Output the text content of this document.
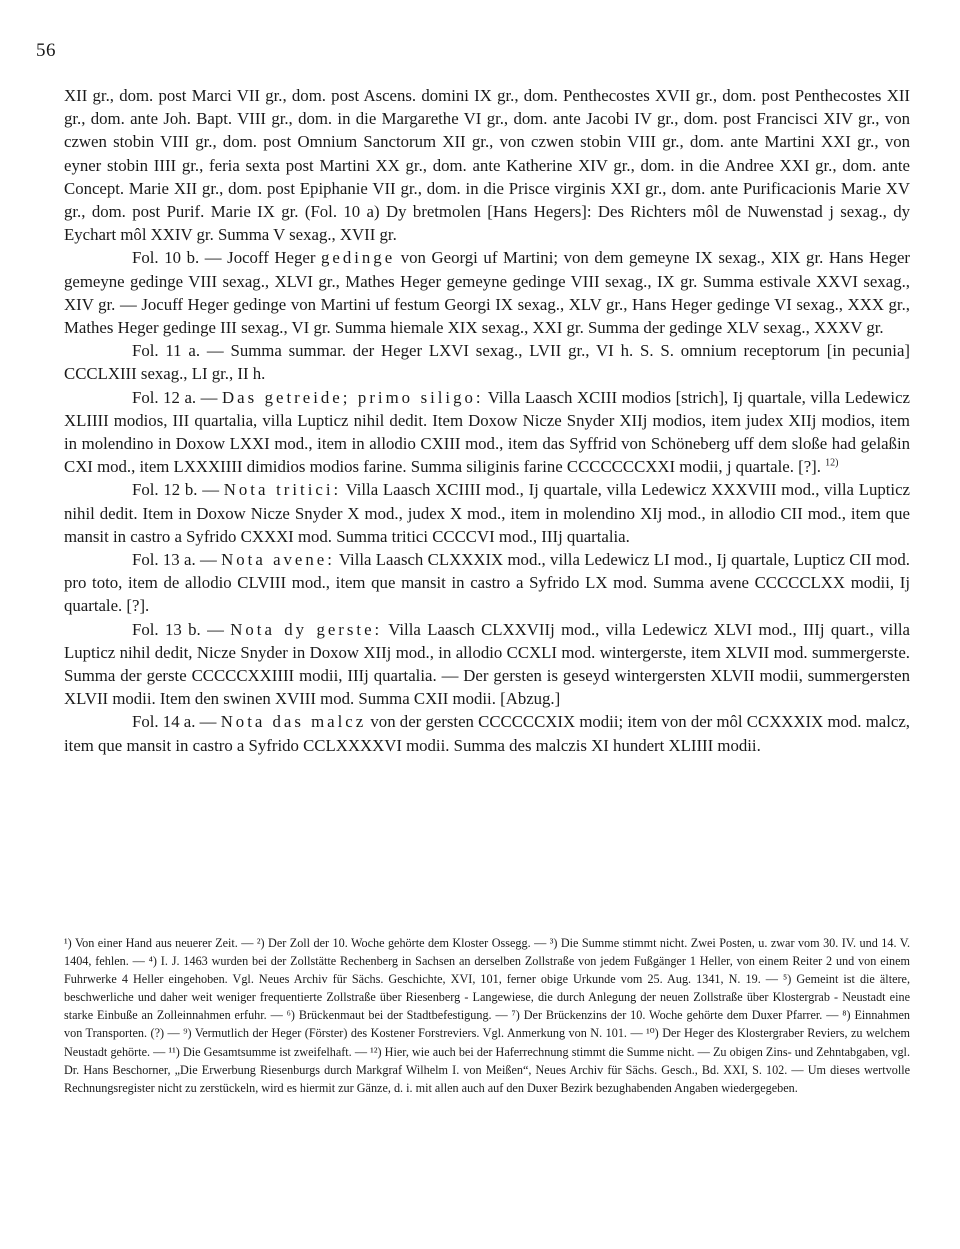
56

XII gr., dom. post Marci VII gr., dom. post Ascens. domini IX gr., dom. Penthecostes XVII gr., dom. post Penthecostes XII gr., dom. ante Joh. Bapt. VIII gr., dom. in die Margarethe VI gr., dom. ante Jacobi IV gr., dom. post Francisci XIV gr., von czwen stobin VIII gr., dom. post Omnium Sanctorum XII gr., von czwen stobin VIII gr., dom. ante Martini XXI gr., von eyner stobin IIII gr., feria sexta post Martini XX gr., dom. ante Katherine XIV gr., dom. in die Andree XXI gr., dom. ante Concept. Marie XII gr., dom. post Epiphanie VII gr., dom. in die Prisce virginis XXI gr., dom. ante Purificacionis Marie XV gr., dom. post Purif. Marie IX gr. (Fol. 10 a) Dy bretmolen [Hans Hegers]: Des Richters môl de Nuwenstad j sexag., dy Eychart môl XXIV gr. Summa V sexag., XVII gr.

Fol. 10 b. — Jocoff Heger gedinge von Georgi uf Martini; von dem gemeyne IX sexag., XIX gr. Hans Heger gemeyne gedinge VIII sexag., XLVI gr., Mathes Heger gemeyne gedinge VIII sexag., IX gr. Summa estivale XXVI sexag., XIV gr. — Jocuff Heger gedinge von Martini uf festum Georgi IX sexag., XLV gr., Hans Heger gedinge VI sexag., XXX gr., Mathes Heger gedinge III sexag., VI gr. Summa hiemale XIX sexag., XXI gr. Summa der gedinge XLV sexag., XXXV gr.

Fol. 11 a. — Summa summar. der Heger LXVI sexag., LVII gr., VI h. S. S. omnium receptorum [in pecunia] CCCLXIII sexag., LI gr., II h.

Fol. 12 a. — Das getreide; primo siligo: Villa Laasch XCIII modios [strich], Ij quartale, villa Ledewicz XLIIII modios, III quartalia, villa Lupticz nihil dedit. Item Doxow Nicze Snyder XIIj modios, item judex XIIj modios, item in molendino in Doxow LXXI mod., item in allodio CXIII mod., item das Syffrid von Schöneberg uff dem sloße had gelaßin CXI mod., item LXXXIIII dimidios modios farine. Summa siliginis farine CCCCCCCXXI modii, j quartale. [?]. $^{12)}$

Fol. 12 b. — Nota tritici: Villa Laasch XCIIII mod., Ij quartale, villa Ledewicz XXXVIII mod., villa Lupticz nihil dedit. Item in Doxow Nicze Snyder X mod., judex X mod., item in molendino XIj mod., in allodio CII mod., item que mansit in castro a Syfrido CXXXI mod. Summa tritici CCCCVI mod., IIIj quartalia.

Fol. 13 a. — Nota avene: Villa Laasch CLXXXIX mod., villa Ledewicz LI mod., Ij quartale, Lupticz CII mod. pro toto, item de allodio CLVIII mod., item que mansit in castro a Syfrido LX mod. Summa avene CCCCCLXX modii, Ij quartale. [?].

Fol. 13 b. — Nota dy gerste: Villa Laasch CLXXVIIj mod., villa Ledewicz XLVI mod., IIIj quart., villa Lupticz nihil dedit, Nicze Snyder in Doxow XIIj mod., in allodio CCXLI mod. wintergerste, item XLVII mod. summergerste. Summa der gerste CCCCCXXIIII modii, IIIj quartalia. — Der gersten is geseyd wintergersten XLVII modii, summergersten XLVII modii. Item den swinen XVIII mod. Summa CXII modii. [Abzug.]

Fol. 14 a. — Nota das malcz von der gersten CCCCCCXIX modii; item von der môl CCXXXIX mod. malcz, item que mansit in castro a Syfrido CCLXXXXVI modii. Summa des malczis XI hundert XLIIII modii.

¹) Von einer Hand aus neuerer Zeit. — ²) Der Zoll der 10. Woche gehörte dem Kloster Ossegg. — ³) Die Summe stimmt nicht. Zwei Posten, u. zwar vom 30. IV. und 14. V. 1404, fehlen. — ⁴) I. J. 1463 wurden bei der Zollstätte Rechenberg in Sachsen an derselben Zollstraße von jedem Fußgänger 1 Heller, von einem Reiter 2 und von einem Fuhrwerke 4 Heller eingehoben. Vgl. Neues Archiv für Sächs. Geschichte, XVI, 101, ferner obige Urkunde vom 25. Aug. 1341, N. 19. — ⁵) Gemeint ist die ältere, beschwerliche und daher weit weniger frequentierte Zollstraße über Riesenberg - Langewiese, die durch Anlegung der neuen Zollstraße über Klostergrab - Neustadt eine starke Einbuße an Zolleinnahmen erfuhr. — ⁶) Brückenmaut bei der Stadtbefestigung. — ⁷) Der Brückenzins der 10. Woche gehörte dem Duxer Pfarrer. — ⁸) Einnahmen von Transporten. (?) — ⁹) Vermutlich der Heger (Förster) des Kostener Forstreviers. Vgl. Anmerkung von N. 101. — ¹⁰) Der Heger des Klostergraber Reviers, zu welchem Neustadt gehörte. — ¹¹) Die Gesamtsumme ist zweifelhaft. — ¹²) Hier, wie auch bei der Haferrechnung stimmt die Summe nicht. — Zu obigen Zins- und Zehntabgaben, vgl. Dr. Hans Beschorner, „Die Erwerbung Riesenburgs durch Markgraf Wilhelm I. von Meißen“, Neues Archiv für Sächs. Gesch., Bd. XXI, S. 102. — Um dieses wertvolle Rechnungsregister nicht zu zerstückeln, wird es hiermit zur Gänze, d. i. mit allen auch auf den Duxer Bezirk bezughabenden Angaben wiedergegeben.
